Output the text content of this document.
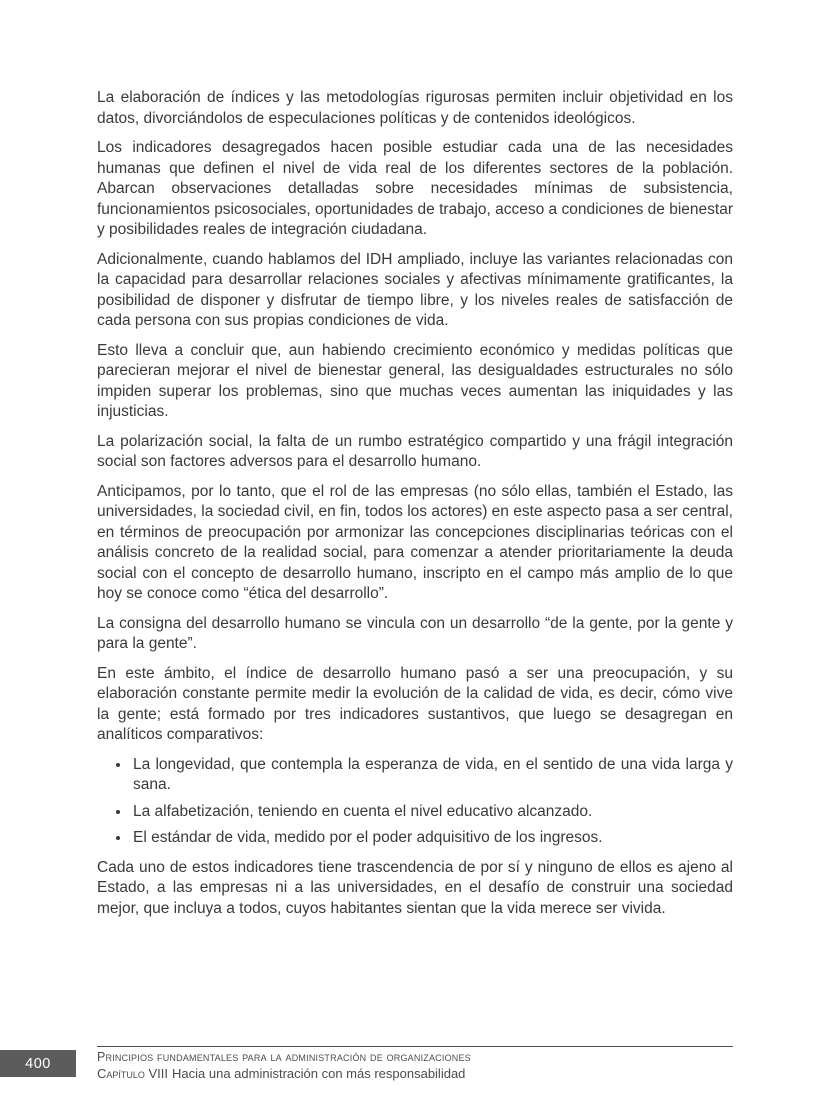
La elaboración de índices y las metodologías rigurosas permiten incluir objetividad en los datos, divorciándolos de especulaciones políticas y de contenidos ideológicos.

Los indicadores desagregados hacen posible estudiar cada una de las necesidades humanas que definen el nivel de vida real de los diferentes sectores de la población. Abarcan observaciones detalladas sobre necesidades mínimas de subsistencia, funcionamientos psicosociales, oportunidades de trabajo, acceso a condiciones de bienestar y posibilidades reales de integración ciudadana.

Adicionalmente, cuando hablamos del IDH ampliado, incluye las variantes relacionadas con la capacidad para desarrollar relaciones sociales y afectivas mínimamente gratificantes, la posibilidad de disponer y disfrutar de tiempo libre, y los niveles reales de satisfacción de cada persona con sus propias condiciones de vida.

Esto lleva a concluir que, aun habiendo crecimiento económico y medidas políticas que parecieran mejorar el nivel de bienestar general, las desigualdades estructurales no sólo impiden superar los problemas, sino que muchas veces aumentan las iniquidades y las injusticias.

La polarización social, la falta de un rumbo estratégico compartido y una frágil integración social son factores adversos para el desarrollo humano.

Anticipamos, por lo tanto, que el rol de las empresas (no sólo ellas, también el Estado, las universidades, la sociedad civil, en fin, todos los actores) en este aspecto pasa a ser central, en términos de preocupación por armonizar las concepciones disciplinarias teóricas con el análisis concreto de la realidad social, para comenzar a atender prioritariamente la deuda social con el concepto de desarrollo humano, inscripto en el campo más amplio de lo que hoy se conoce como “ética del desarrollo”.

La consigna del desarrollo humano se vincula con un desarrollo “de la gente, por la gente y para la gente”.

En este ámbito, el índice de desarrollo humano pasó a ser una preocupación, y su elaboración constante permite medir la evolución de la calidad de vida, es decir, cómo vive la gente; está formado por tres indicadores sustantivos, que luego se desagregan en analíticos comparativos:

• La longevidad, que contempla la esperanza de vida, en el sentido de una vida larga y sana.
• La alfabetización, teniendo en cuenta el nivel educativo alcanzado.
• El estándar de vida, medido por el poder adquisitivo de los ingresos.

Cada uno de estos indicadores tiene trascendencia de por sí y ninguno de ellos es ajeno al Estado, a las empresas ni a las universidades, en el desafío de construir una sociedad mejor, que incluya a todos, cuyos habitantes sientan que la vida merece ser vivida.

400	Principios fundamentales para la administración de organizaciones
Capítulo VIII Hacia una administración con más responsabilidad
